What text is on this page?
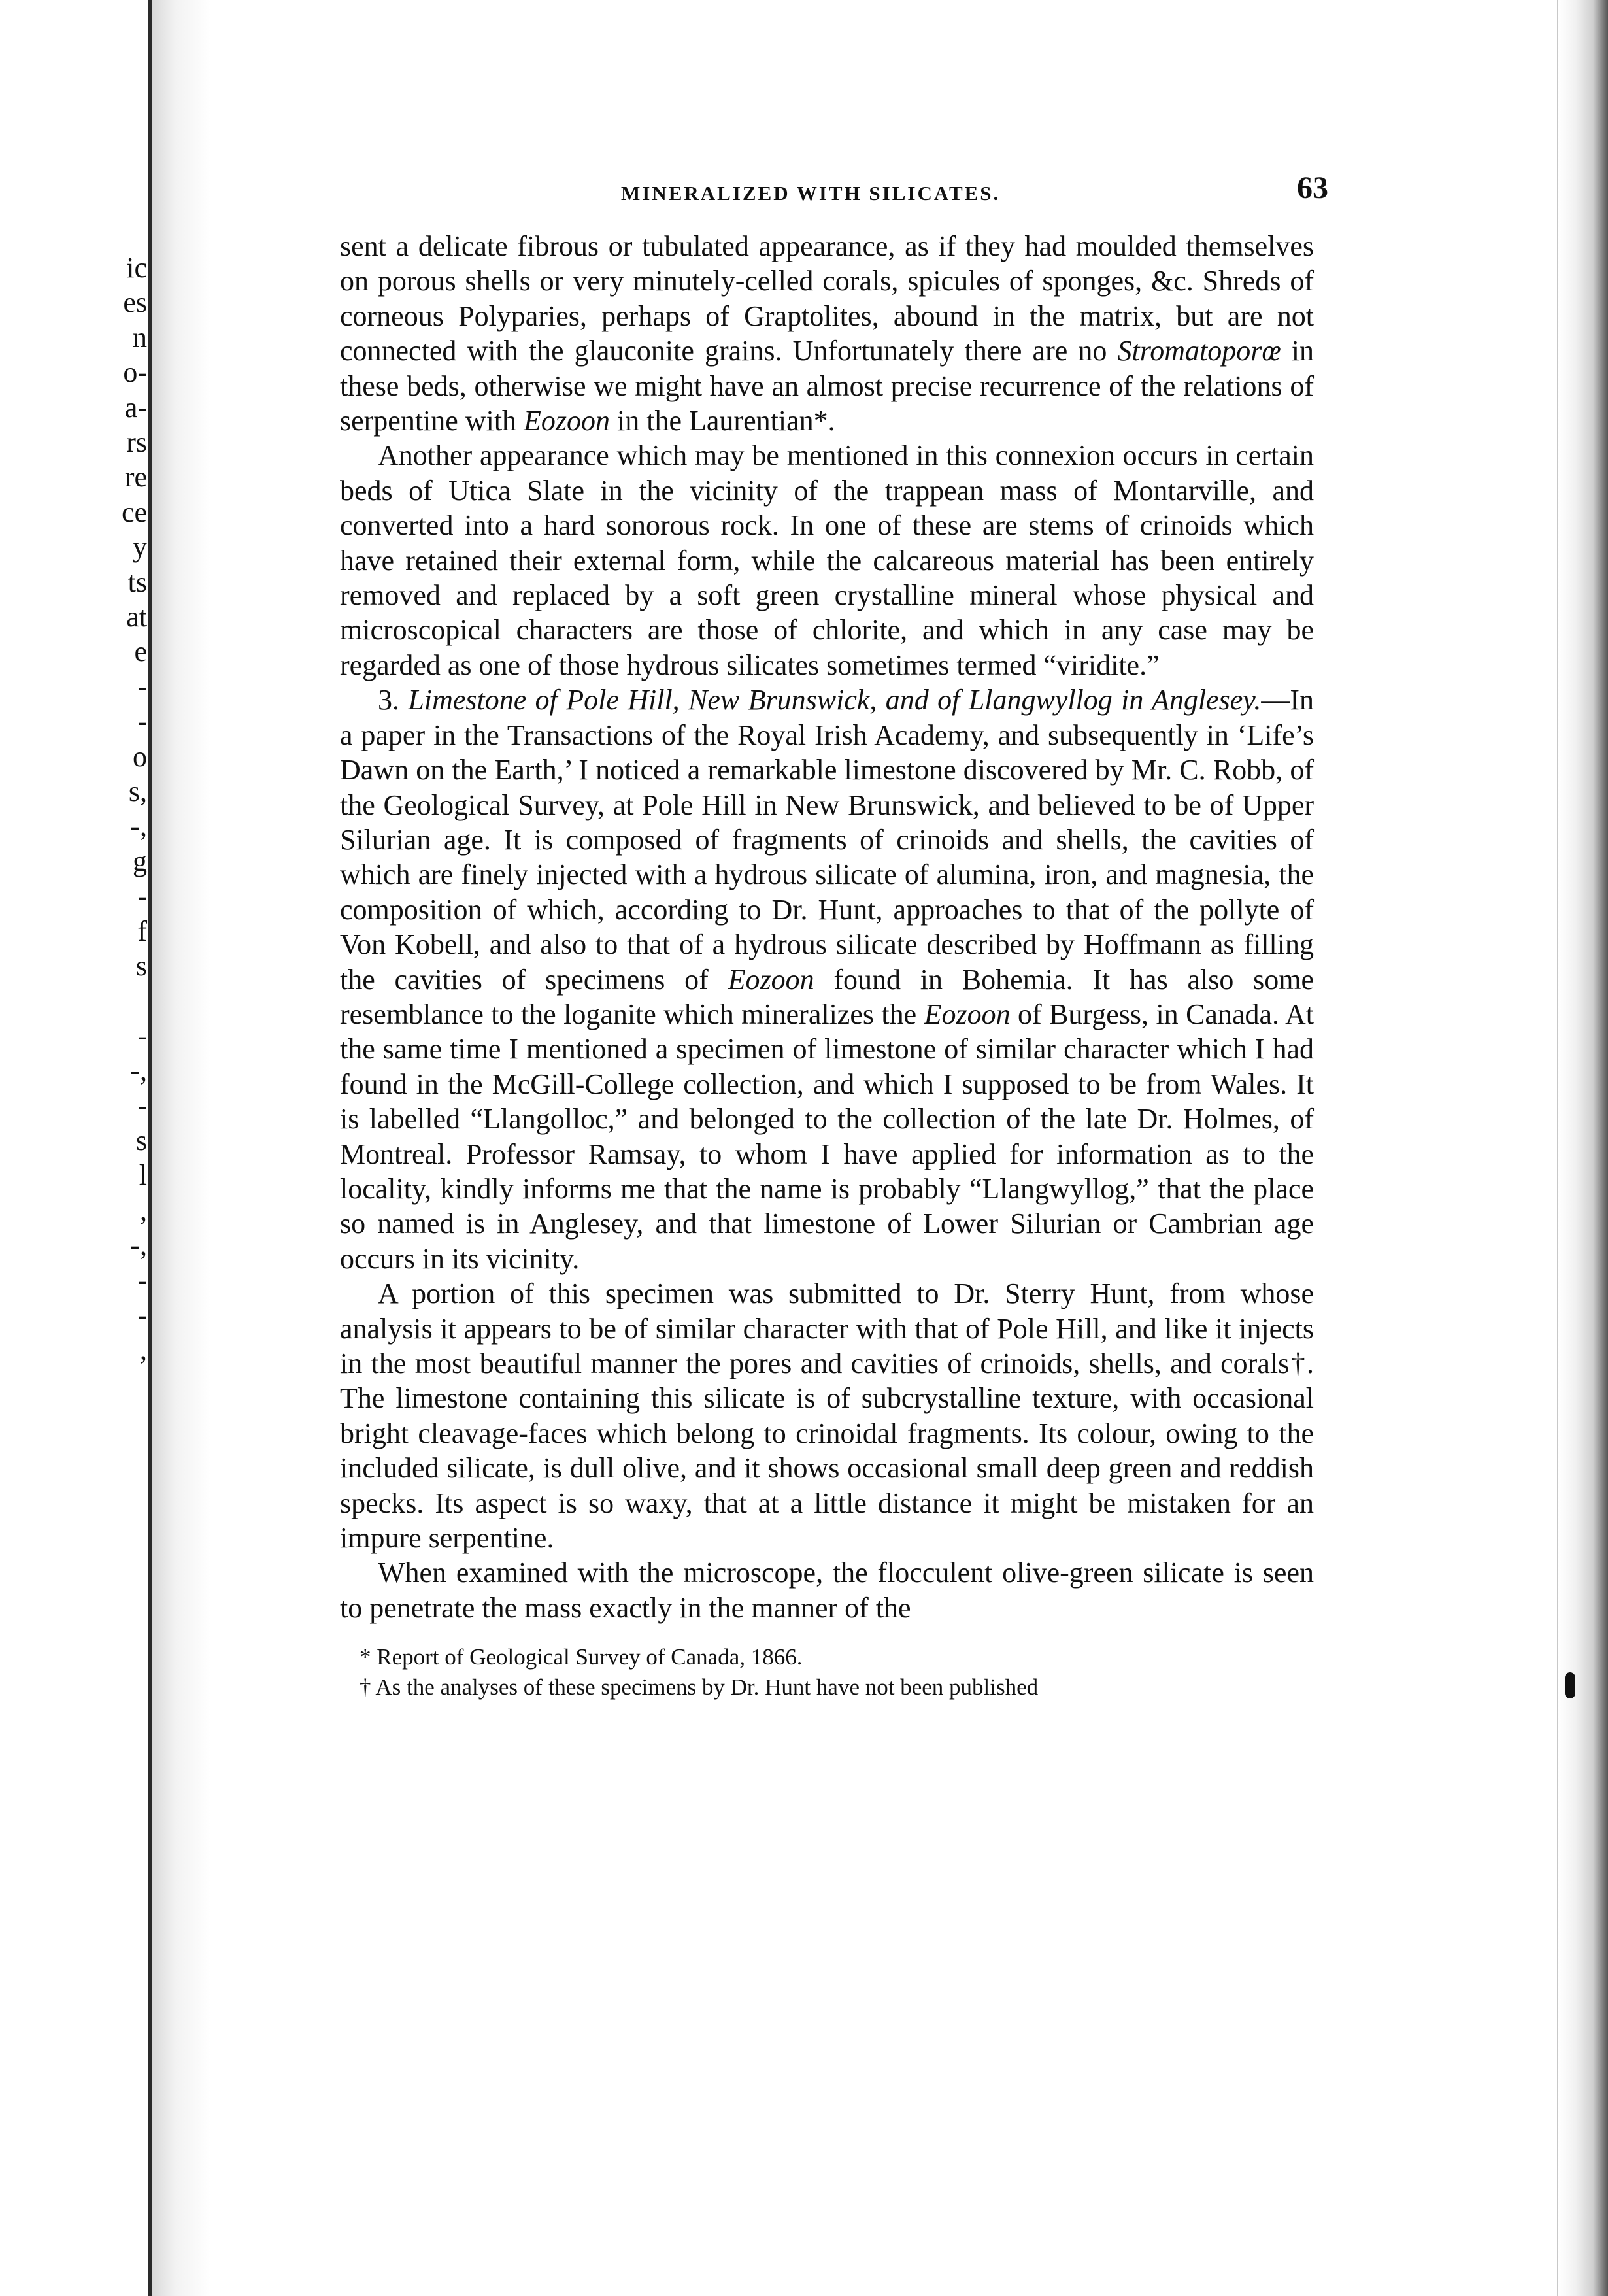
ic
es
n
o-
a-
rs
re
ce
y
ts
at
e
-
-
o
s,
-,
g
-
f
s
-
-,
-
s
l
,
-,
-
-
,
MINERALIZED WITH SILICATES.	63

sent a delicate fibrous or tubulated appearance, as if they had moulded themselves on porous shells or very minutely-celled corals, spicules of sponges, &c. Shreds of corneous Polyparies, perhaps of Graptolites, abound in the matrix, but are not connected with the glauconite grains. Unfortunately there are no Stromatoporœ in these beds, otherwise we might have an almost precise recurrence of the relations of serpentine with Eozoon in the Laurentian*.

Another appearance which may be mentioned in this connexion occurs in certain beds of Utica Slate in the vicinity of the trappean mass of Montarville, and converted into a hard sonorous rock. In one of these are stems of crinoids which have retained their external form, while the calcareous material has been entirely removed and replaced by a soft green crystalline mineral whose physical and microscopical characters are those of chlorite, and which in any case may be regarded as one of those hydrous silicates sometimes termed “viridite.”

3. Limestone of Pole Hill, New Brunswick, and of Llangwyllog in Anglesey.—In a paper in the Transactions of the Royal Irish Academy, and subsequently in ‘Life’s Dawn on the Earth,’ I noticed a remarkable limestone discovered by Mr. C. Robb, of the Geological Survey, at Pole Hill in New Brunswick, and believed to be of Upper Silurian age. It is composed of fragments of crinoids and shells, the cavities of which are finely injected with a hydrous silicate of alumina, iron, and magnesia, the composition of which, according to Dr. Hunt, approaches to that of the pollyte of Von Kobell, and also to that of a hydrous silicate described by Hoffmann as filling the cavities of specimens of Eozoon found in Bohemia. It has also some resemblance to the loganite which mineralizes the Eozoon of Burgess, in Canada. At the same time I mentioned a specimen of limestone of similar character which I had found in the McGill-College collection, and which I supposed to be from Wales. It is labelled “Llangolloc,” and belonged to the collection of the late Dr. Holmes, of Montreal. Professor Ramsay, to whom I have applied for information as to the locality, kindly informs me that the name is probably “Llangwyllog,” that the place so named is in Anglesey, and that limestone of Lower Silurian or Cambrian age occurs in its vicinity.

A portion of this specimen was submitted to Dr. Sterry Hunt, from whose analysis it appears to be of similar character with that of Pole Hill, and like it injects in the most beautiful manner the pores and cavities of crinoids, shells, and corals†. The limestone containing this silicate is of subcrystalline texture, with occasional bright cleavage-faces which belong to crinoidal fragments. Its colour, owing to the included silicate, is dull olive, and it shows occasional small deep green and reddish specks. Its aspect is so waxy, that at a little distance it might be mistaken for an impure serpentine.

When examined with the microscope, the flocculent olive-green silicate is seen to penetrate the mass exactly in the manner of the

* Report of Geological Survey of Canada, 1866.

† As the analyses of these specimens by Dr. Hunt have not been published
